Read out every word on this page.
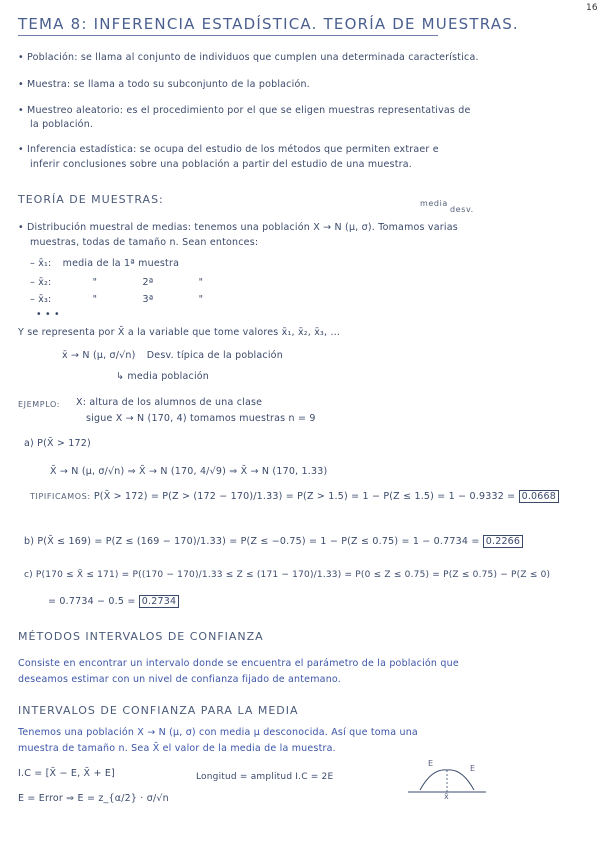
16
TEMA 8: INFERENCIA ESTADÍSTICA. TEORÍA DE MUESTRAS.
• Población: se llama al conjunto de individuos que cumplen una determinada característica.
• Muestra: se llama a todo su subconjunto de la población.
• Muestreo aleatorio: es el procedimiento por el que se eligen muestras representativas de
la población.
• Inferencia estadística: se ocupa del estudio de los métodos que permiten extraer e
inferir conclusiones sobre una población a partir del estudio de una muestra.
TEORÍA DE MUESTRAS:	media
desv.
• Distribución muestral de medias: tenemos una población X → N (μ, σ). Tomamos varias
muestras, todas de tamaño n. Sean entonces:
– x̄₁: media de la 1ª muestra
– x̄₂:	"	2ª	"
– x̄₃:	"	3ª	"
• • •
Y se representa por X̄ a la variable que tome valores x̄₁, x̄₂, x̄₃, ...
x̄ → N (μ, σ/√n) Desv. típica de la población
↳ media población
EJEMPLO: X: altura de los alumnos de una clase
sigue X → N (170, 4) tomamos muestras n = 9
a) P(X̄ > 172)
X̄ → N (μ, σ/√n) ⇒ X̄ → N (170, 4/√9) ⇒ X̄ → N (170, 1.33)
TIPIFICAMOS: P(X̄ > 172) = P(Z > (172 − 170)/1.33) = P(Z > 1.5) = 1 − P(Z ≤ 1.5) = 1 − 0.9332 = 0.0668
b) P(X̄ ≤ 169) = P(Z ≤ (169 − 170)/1.33) = P(Z ≤ −0.75) = 1 − P(Z ≤ 0.75) = 1 − 0.7734 = 0.2266
c) P(170 ≤ X̄ ≤ 171) = P((170 − 170)/1.33 ≤ Z ≤ (171 − 170)/1.33) = P(0 ≤ Z ≤ 0.75) = P(Z ≤ 0.75) − P(Z ≤ 0)
= 0.7734 − 0.5 = 0.2734
MÉTODOS INTERVALOS DE CONFIANZA
Consiste en encontrar un intervalo donde se encuentra el parámetro de la población que
deseamos estimar con un nivel de confianza fijado de antemano.
INTERVALOS DE CONFIANZA PARA LA MEDIA
Tenemos una población X → N (μ, σ) con media μ desconocida. Así que toma una
muestra de tamaño n. Sea X̄ el valor de la media de la muestra.
I.C = [X̄ − E, X̄ + E]	Longitud = amplitud I.C = 2E
E = Error ⇒ E = z_{α/2} · σ/√n
E
E
x̄
